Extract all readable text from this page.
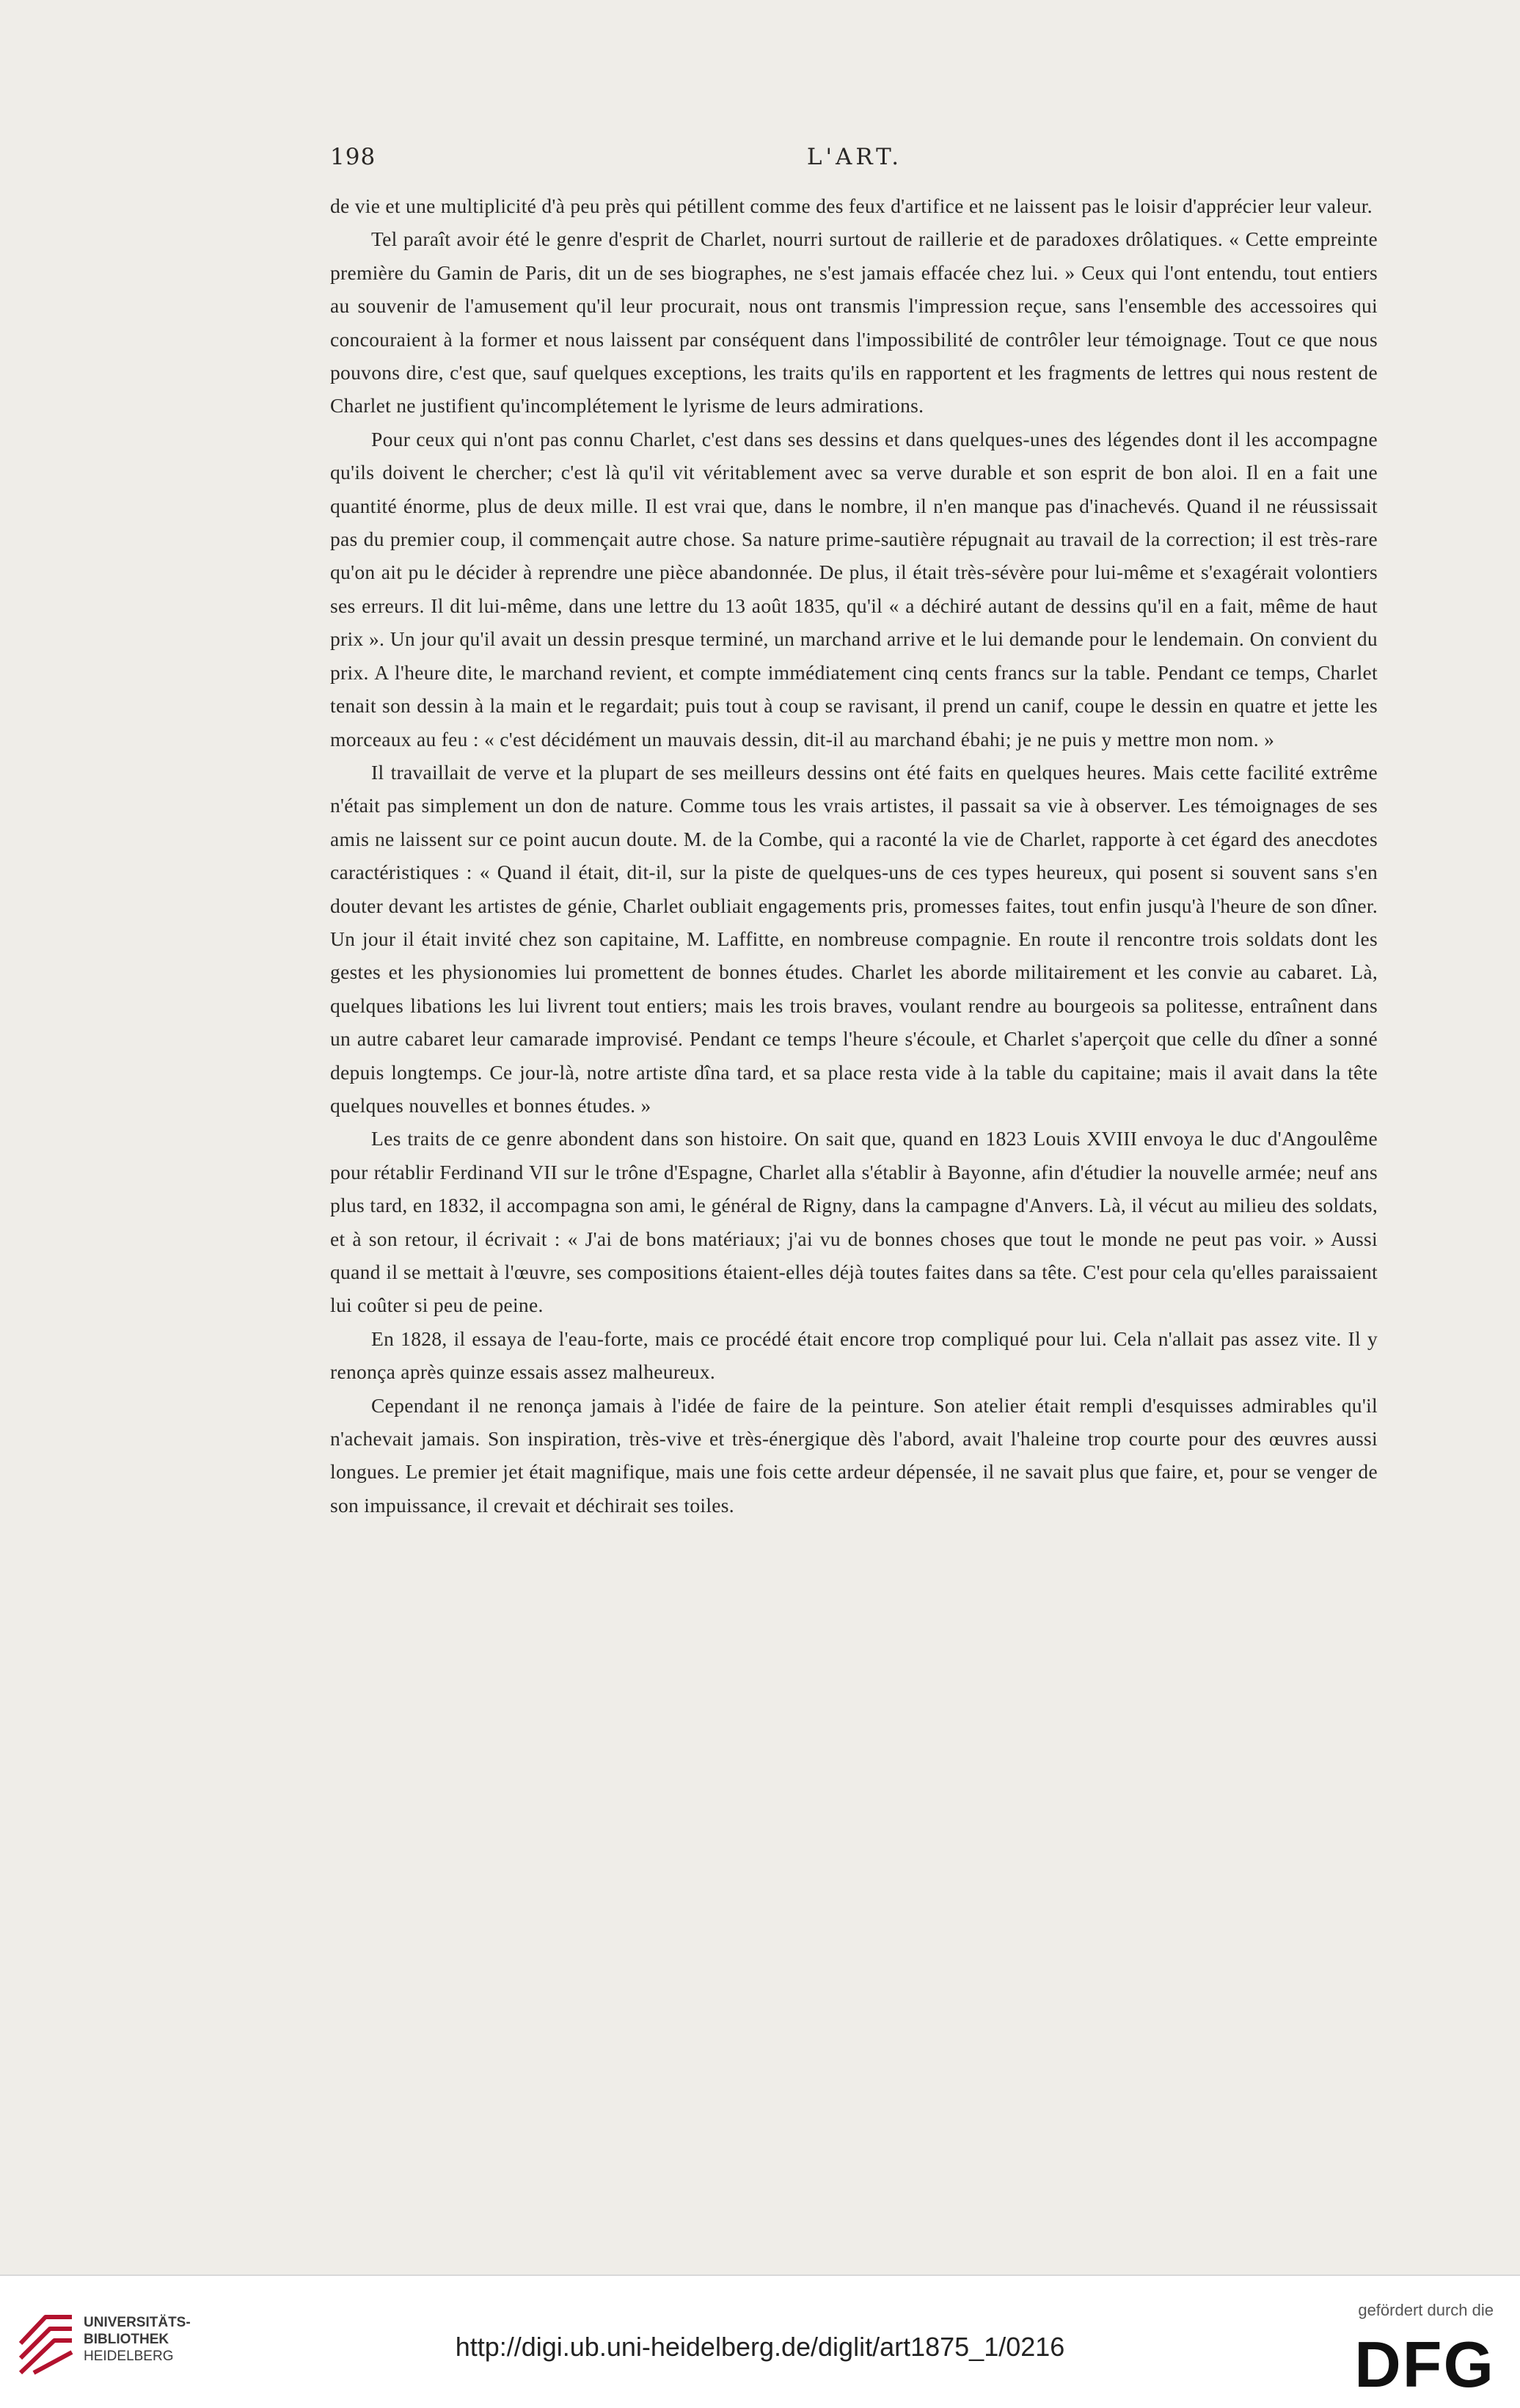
198	L'ART.

de vie et une multiplicité d'à peu près qui pétillent comme des feux d'artifice et ne laissent pas le loisir d'apprécier leur valeur.

Tel paraît avoir été le genre d'esprit de Charlet, nourri surtout de raillerie et de paradoxes drôlatiques. « Cette empreinte première du Gamin de Paris, dit un de ses biographes, ne s'est jamais effacée chez lui. » Ceux qui l'ont entendu, tout entiers au souvenir de l'amusement qu'il leur procurait, nous ont transmis l'impression reçue, sans l'ensemble des accessoires qui concouraient à la former et nous laissent par conséquent dans l'impossibilité de contrôler leur témoignage. Tout ce que nous pouvons dire, c'est que, sauf quelques exceptions, les traits qu'ils en rapportent et les fragments de lettres qui nous restent de Charlet ne justifient qu'incomplétement le lyrisme de leurs admirations.

Pour ceux qui n'ont pas connu Charlet, c'est dans ses dessins et dans quelques-unes des légendes dont il les accompagne qu'ils doivent le chercher; c'est là qu'il vit véritablement avec sa verve durable et son esprit de bon aloi. Il en a fait une quantité énorme, plus de deux mille. Il est vrai que, dans le nombre, il n'en manque pas d'inachevés. Quand il ne réussissait pas du premier coup, il commençait autre chose. Sa nature prime-sautière répugnait au travail de la correction; il est très-rare qu'on ait pu le décider à reprendre une pièce abandonnée. De plus, il était très-sévère pour lui-même et s'exagérait volontiers ses erreurs. Il dit lui-même, dans une lettre du 13 août 1835, qu'il « a déchiré autant de dessins qu'il en a fait, même de haut prix ». Un jour qu'il avait un dessin presque terminé, un marchand arrive et le lui demande pour le lendemain. On convient du prix. A l'heure dite, le marchand revient, et compte immédiatement cinq cents francs sur la table. Pendant ce temps, Charlet tenait son dessin à la main et le regardait; puis tout à coup se ravisant, il prend un canif, coupe le dessin en quatre et jette les morceaux au feu : « c'est décidément un mauvais dessin, dit-il au marchand ébahi; je ne puis y mettre mon nom. »

Il travaillait de verve et la plupart de ses meilleurs dessins ont été faits en quelques heures. Mais cette facilité extrême n'était pas simplement un don de nature. Comme tous les vrais artistes, il passait sa vie à observer. Les témoignages de ses amis ne laissent sur ce point aucun doute. M. de la Combe, qui a raconté la vie de Charlet, rapporte à cet égard des anecdotes caractéristiques : « Quand il était, dit-il, sur la piste de quelques-uns de ces types heureux, qui posent si souvent sans s'en douter devant les artistes de génie, Charlet oubliait engagements pris, promesses faites, tout enfin jusqu'à l'heure de son dîner. Un jour il était invité chez son capitaine, M. Laffitte, en nombreuse compagnie. En route il rencontre trois soldats dont les gestes et les physionomies lui promettent de bonnes études. Charlet les aborde militairement et les convie au cabaret. Là, quelques libations les lui livrent tout entiers; mais les trois braves, voulant rendre au bourgeois sa politesse, entraînent dans un autre cabaret leur camarade improvisé. Pendant ce temps l'heure s'écoule, et Charlet s'aperçoit que celle du dîner a sonné depuis longtemps. Ce jour-là, notre artiste dîna tard, et sa place resta vide à la table du capitaine; mais il avait dans la tête quelques nouvelles et bonnes études. »

Les traits de ce genre abondent dans son histoire. On sait que, quand en 1823 Louis XVIII envoya le duc d'Angoulême pour rétablir Ferdinand VII sur le trône d'Espagne, Charlet alla s'établir à Bayonne, afin d'étudier la nouvelle armée; neuf ans plus tard, en 1832, il accompagna son ami, le général de Rigny, dans la campagne d'Anvers. Là, il vécut au milieu des soldats, et à son retour, il écrivait : « J'ai de bons matériaux; j'ai vu de bonnes choses que tout le monde ne peut pas voir. » Aussi quand il se mettait à l'œuvre, ses compositions étaient-elles déjà toutes faites dans sa tête. C'est pour cela qu'elles paraissaient lui coûter si peu de peine.

En 1828, il essaya de l'eau-forte, mais ce procédé était encore trop compliqué pour lui. Cela n'allait pas assez vite. Il y renonça après quinze essais assez malheureux.

Cependant il ne renonça jamais à l'idée de faire de la peinture. Son atelier était rempli d'esquisses admirables qu'il n'achevait jamais. Son inspiration, très-vive et très-énergique dès l'abord, avait l'haleine trop courte pour des œuvres aussi longues. Le premier jet était magnifique, mais une fois cette ardeur dépensée, il ne savait plus que faire, et, pour se venger de son impuissance, il crevait et déchirait ses toiles.

UNIVERSITÄTS-
BIBLIOTHEK
HEIDELBERG	http://digi.ub.uni-heidelberg.de/diglit/art1875_1/0216
gefördert durch die
DFG
